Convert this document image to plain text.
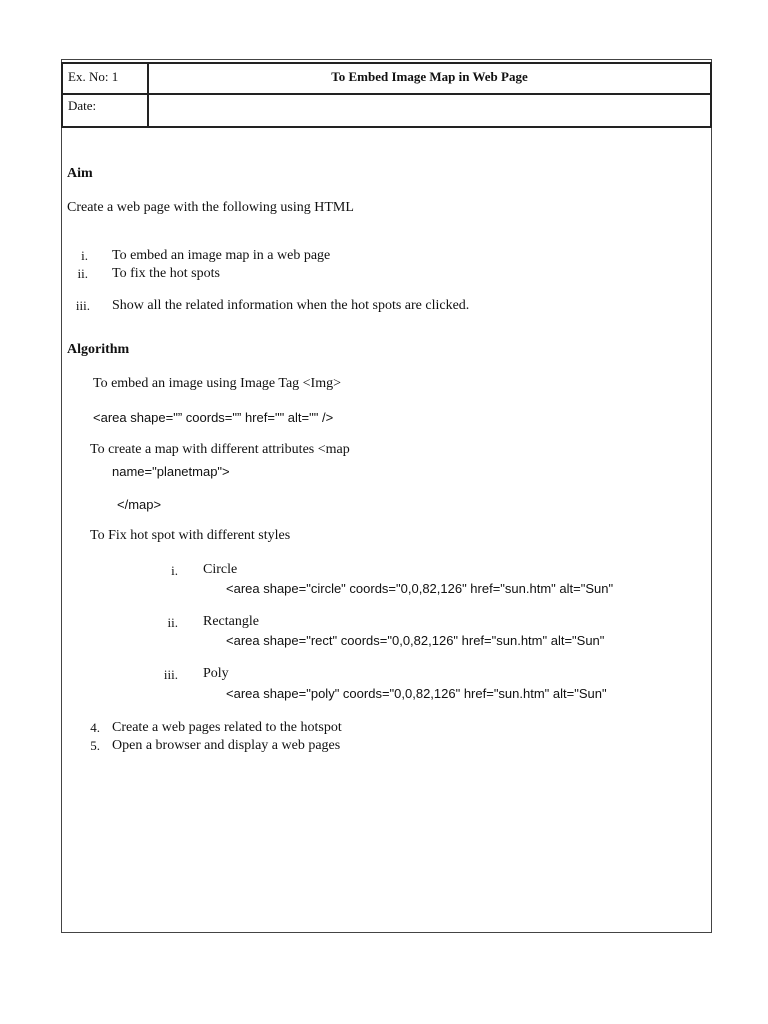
Ex. No: 1	To Embed Image Map in Web Page
Date:	
Aim
Create a web page with the following using HTML
i. To embed an image map in a web page
ii. To fix the hot spots
iii. Show all the related information when the hot spots are clicked.
Algorithm
To embed an image using Image Tag <Img>
<area shape="” coords="” href="" alt="" />
To create a map with different attributes <map
name="planetmap">
</map>
To Fix hot spot with different styles
i. Circle
<area shape="circle" coords="0,0,82,126" href="sun.htm" alt="Sun"
ii. Rectangle
<area shape="rect" coords="0,0,82,126" href="sun.htm" alt="Sun"
iii. Poly
<area shape="poly" coords="0,0,82,126" href="sun.htm" alt="Sun"
4. Create a web pages related to the hotspot
5. Open a browser and display a web pages
